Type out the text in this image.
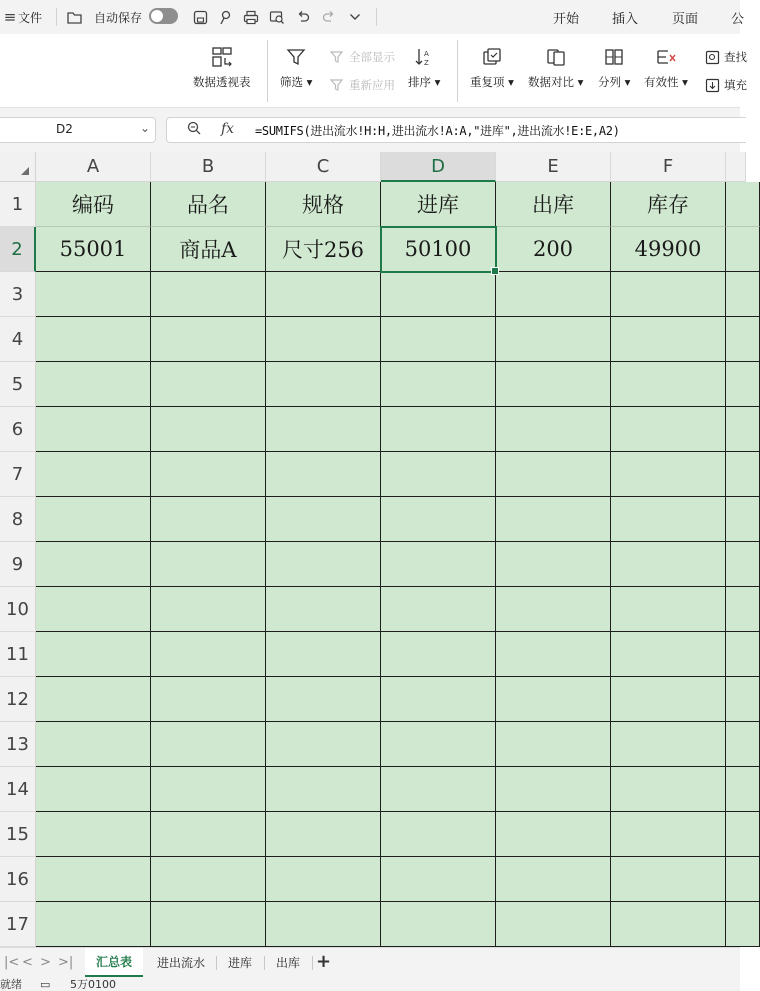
≡ 文件	自动保存	开始	插入	页面	公
数据透视表	筛选 ▾
全部显示
重新应用
A
Z
排序 ▾	重复项 ▾ 数据对比 ▾ 分列 ▾ 有效性 ▾
查找
填充
D2	⌄	fx =SUMIFS(进出流水!H:H,进出流水!A:A,"进库",进出流水!E:E,A2)
A	B	C	D	E	F
1
2
3
4
5
6
7
8
9
10
11
12
13
14
15
16
17
编码	品名	规格	进库	出库	库存
55001	商品A	尺寸256	50100	200	49900
|< < > >|	汇总表	进出流水	进库	出库 +
就绪 ▭ 5万0100
